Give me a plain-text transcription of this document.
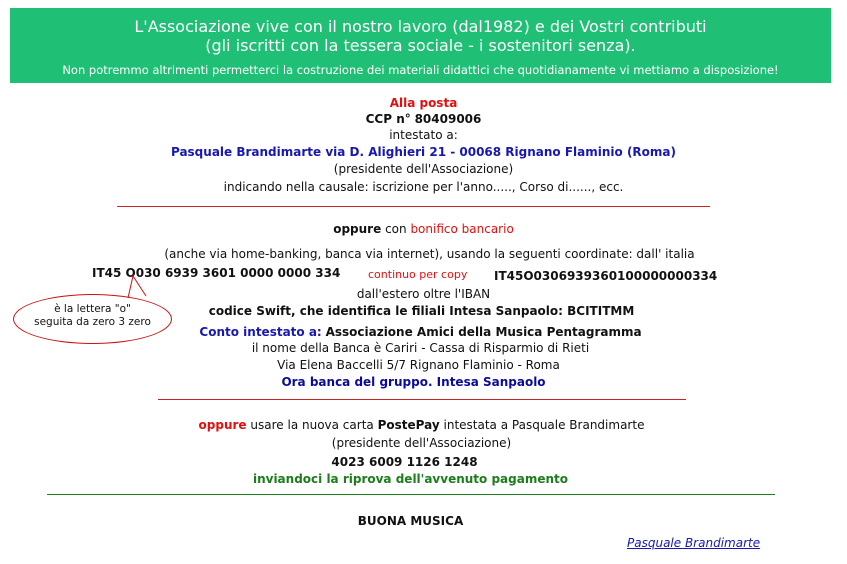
L'Associazione vive con il nostro lavoro (dal1982) e dei Vostri contributi
(gli iscritti con la tessera sociale - i sostenitori senza).
Non potremmo altrimenti permetterci la costruzione dei materiali didattici che quotidianamente vi mettiamo a disposizione!
Alla posta
CCP n° 80409006
intestato a:
Pasquale Brandimarte via D. Alighieri 21 - 00068 Rignano Flaminio (Roma)
(presidente dell'Associazione)
indicando nella causale: iscrizione per l'anno....., Corso di......, ecc.
oppure con bonifico bancario
(anche via home-banking, banca via internet), usando la seguenti coordinate: dall' italia
IT45 O030 6939 3601 0000 0000 334	continuo per copy IT45O0306939360100000000334
dall'estero oltre l'IBAN
codice Swift, che identifica le filiali Intesa Sanpaolo: BCITITMM
Conto intestato a: Associazione Amici della Musica Pentagramma
il nome della Banca è Cariri - Cassa di Risparmio di Rieti
Via Elena Baccelli 5/7 Rignano Flaminio - Roma
Ora banca del gruppo. Intesa Sanpaolo
è la lettera "o"
seguita da zero 3 zero
oppure usare la nuova carta PostePay intestata a Pasquale Brandimarte
(presidente dell'Associazione)
4023 6009 1126 1248
inviandoci la riprova dell'avvenuto pagamento
BUONA MUSICA
Pasquale Brandimarte
